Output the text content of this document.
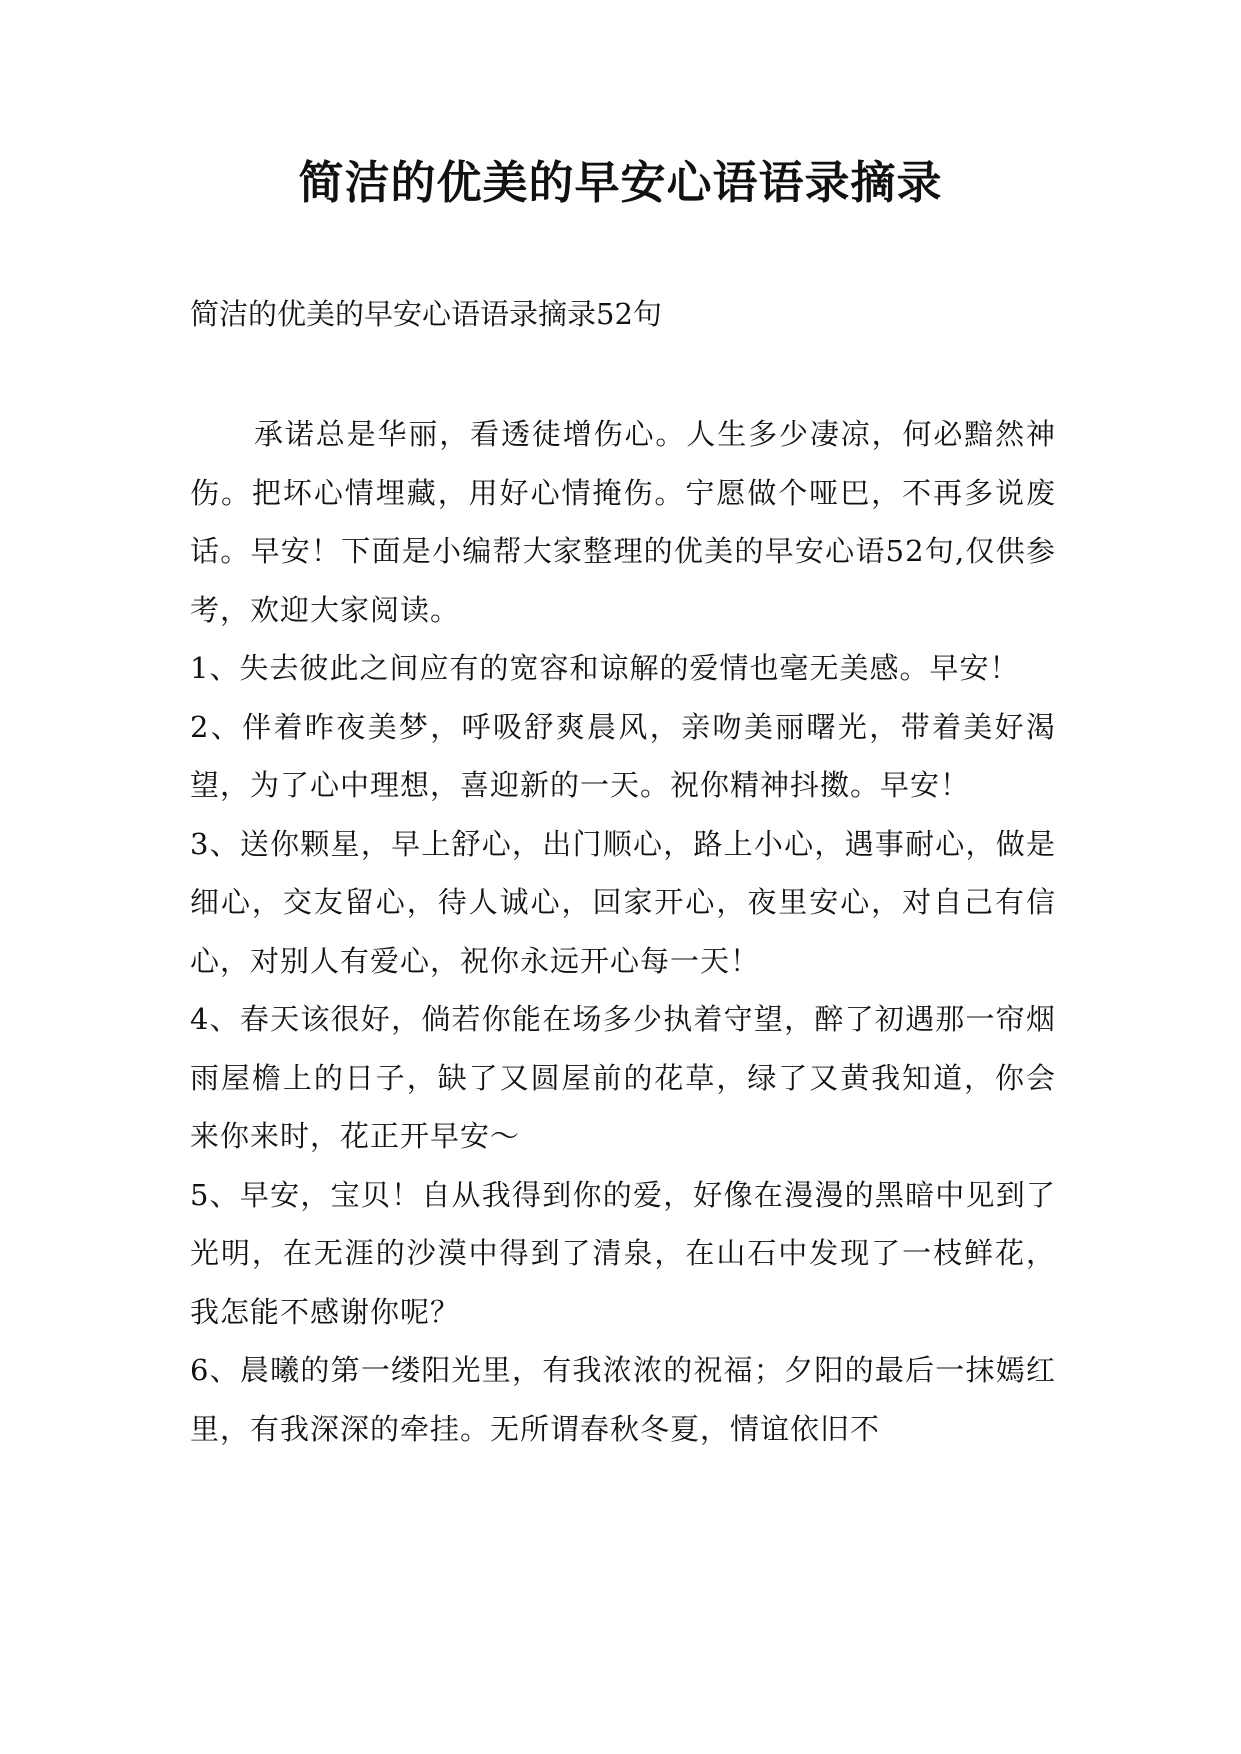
简洁的优美的早安心语语录摘录

简洁的优美的早安心语语录摘录52句

承诺总是华丽，看透徒增伤心。人生多少凄凉，何必黯然神伤。把坏心情埋藏，用好心情掩伤。宁愿做个哑巴，不再多说废话。早安！下面是小编帮大家整理的优美的早安心语52句,仅供参考，欢迎大家阅读。

1、失去彼此之间应有的宽容和谅解的爱情也毫无美感。早安！

2、伴着昨夜美梦，呼吸舒爽晨风，亲吻美丽曙光，带着美好渴望，为了心中理想，喜迎新的一天。祝你精神抖擞。早安！

3、送你颗星，早上舒心，出门顺心，路上小心，遇事耐心，做是细心，交友留心，待人诚心，回家开心，夜里安心，对自己有信心，对别人有爱心，祝你永远开心每一天！

4、春天该很好，倘若你能在场多少执着守望，醉了初遇那一帘烟雨屋檐上的日子，缺了又圆屋前的花草，绿了又黄我知道，你会来你来时，花正开早安～

5、早安，宝贝！自从我得到你的爱，好像在漫漫的黑暗中见到了光明，在无涯的沙漠中得到了清泉，在山石中发现了一枝鲜花，我怎能不感谢你呢？

6、晨曦的第一缕阳光里，有我浓浓的祝福；夕阳的最后一抹嫣红里，有我深深的牵挂。无所谓春秋冬夏，情谊依旧不
